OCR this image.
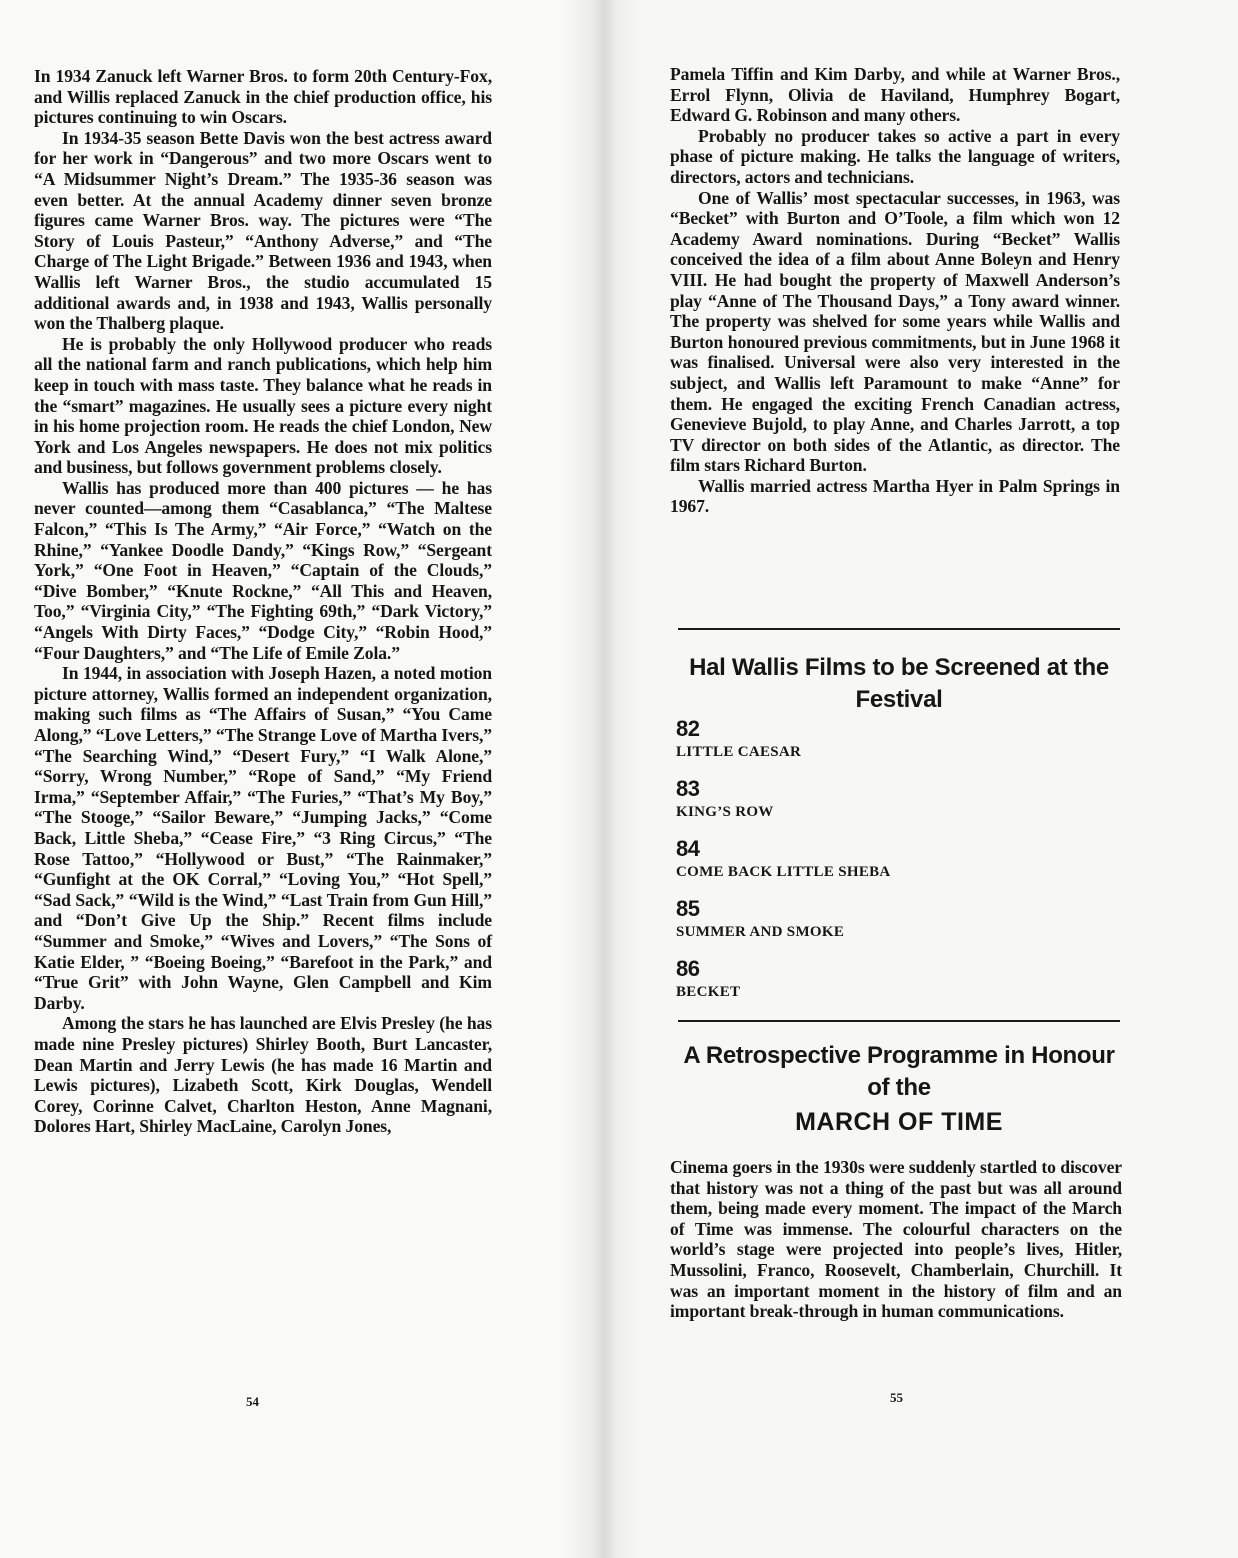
In 1934 Zanuck left Warner Bros. to form 20th Century-Fox, and Willis replaced Zanuck in the chief production office, his pictures continuing to win Oscars.

In 1934-35 season Bette Davis won the best actress award for her work in “Dangerous” and two more Oscars went to “A Midsummer Night’s Dream.” The 1935-36 season was even better. At the annual Academy dinner seven bronze figures came Warner Bros. way. The pictures were “The Story of Louis Pasteur,” “Anthony Adverse,” and “The Charge of The Light Brigade.” Between 1936 and 1943, when Wallis left Warner Bros., the studio accumulated 15 additional awards and, in 1938 and 1943, Wallis personally won the Thalberg plaque.

He is probably the only Hollywood producer who reads all the national farm and ranch publications, which help him keep in touch with mass taste. They balance what he reads in the “smart” magazines. He usually sees a picture every night in his home projection room. He reads the chief London, New York and Los Angeles newspapers. He does not mix politics and business, but follows government problems closely.

Wallis has produced more than 400 pictures — he has never counted—among them “Casablanca,” “The Maltese Falcon,” “This Is The Army,” “Air Force,” “Watch on the Rhine,” “Yankee Doodle Dandy,” “Kings Row,” “Sergeant York,” “One Foot in Heaven,” “Captain of the Clouds,” “Dive Bomber,” “Knute Rockne,” “All This and Heaven, Too,” “Virginia City,” “The Fighting 69th,” “Dark Victory,” “Angels With Dirty Faces,” “Dodge City,” “Robin Hood,” “Four Daughters,” and “The Life of Emile Zola.”

In 1944, in association with Joseph Hazen, a noted motion picture attorney, Wallis formed an independent organization, making such films as “The Affairs of Susan,” “You Came Along,” “Love Letters,” “The Strange Love of Martha Ivers,” “The Searching Wind,” “Desert Fury,” “I Walk Alone,” “Sorry, Wrong Number,” “Rope of Sand,” “My Friend Irma,” “September Affair,” “The Furies,” “That’s My Boy,” “The Stooge,” “Sailor Beware,” “Jumping Jacks,” “Come Back, Little Sheba,” “Cease Fire,” “3 Ring Circus,” “The Rose Tattoo,” “Hollywood or Bust,” “The Rainmaker,” “Gunfight at the OK Corral,” “Loving You,” “Hot Spell,” “Sad Sack,” “Wild is the Wind,” “Last Train from Gun Hill,” and “Don’t Give Up the Ship.” Recent films include “Summer and Smoke,” “Wives and Lovers,” “The Sons of Katie Elder, ” “Boeing Boeing,” “Barefoot in the Park,” and “True Grit” with John Wayne, Glen Campbell and Kim Darby.

Among the stars he has launched are Elvis Presley (he has made nine Presley pictures) Shirley Booth, Burt Lancaster, Dean Martin and Jerry Lewis (he has made 16 Martin and Lewis pictures), Lizabeth Scott, Kirk Douglas, Wendell Corey, Corinne Calvet, Charlton Heston, Anne Magnani, Dolores Hart, Shirley MacLaine, Carolyn Jones,

54

Pamela Tiffin and Kim Darby, and while at Warner Bros., Errol Flynn, Olivia de Haviland, Humphrey Bogart, Edward G. Robinson and many others.

Probably no producer takes so active a part in every phase of picture making. He talks the language of writers, directors, actors and technicians.

One of Wallis’ most spectacular successes, in 1963, was “Becket” with Burton and O’Toole, a film which won 12 Academy Award nominations. During “Becket” Wallis conceived the idea of a film about Anne Boleyn and Henry VIII. He had bought the property of Maxwell Anderson’s play “Anne of The Thousand Days,” a Tony award winner. The property was shelved for some years while Wallis and Burton honoured previous commitments, but in June 1968 it was finalised. Universal were also very interested in the subject, and Wallis left Paramount to make “Anne” for them. He engaged the exciting French Canadian actress, Genevieve Bujold, to play Anne, and Charles Jarrott, a top TV director on both sides of the Atlantic, as director. The film stars Richard Burton.

Wallis married actress Martha Hyer in Palm Springs in 1967.

Hal Wallis Films to be Screened at the Festival
82
LITTLE CAESAR
83
KING’S ROW
84
COME BACK LITTLE SHEBA
85
SUMMER AND SMOKE
86
BECKET
A Retrospective Programme in Honour of the
MARCH OF TIME

Cinema goers in the 1930s were suddenly startled to discover that history was not a thing of the past but was all around them, being made every moment. The impact of the March of Time was immense. The colourful characters on the world’s stage were projected into people’s lives, Hitler, Mussolini, Franco, Roosevelt, Chamberlain, Churchill. It was an important moment in the history of film and an important break-through in human communications.

55
